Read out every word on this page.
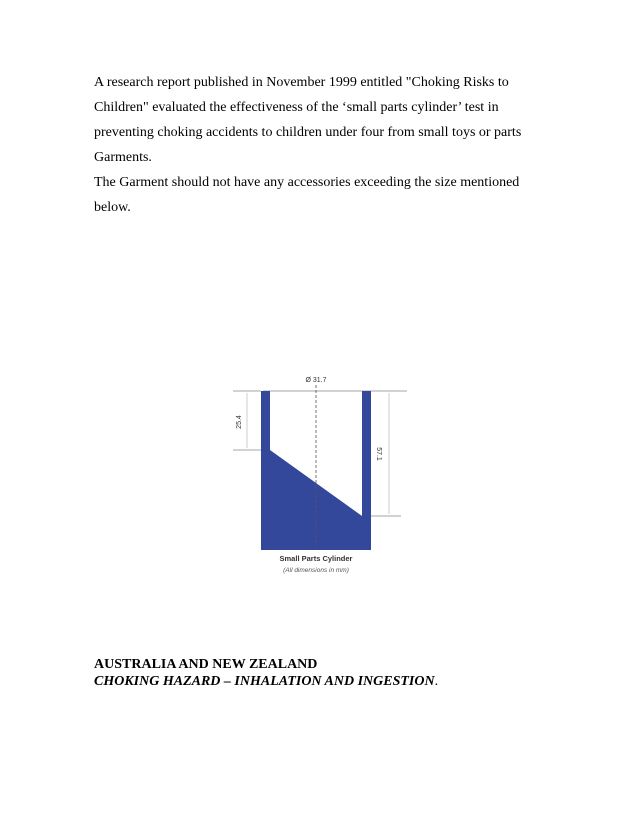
A research report published in November 1999 entitled "Choking Risks to
Children" evaluated the effectiveness of the ‘small parts cylinder’ test in
preventing choking accidents to children under four from small toys or parts
Garments.
The Garment should not have any accessories exceeding the size mentioned
below.

Ø 31.7
25.4
57.1
Small Parts Cylinder
(All dimensions in mm)
AUSTRALIA AND NEW ZEALAND
CHOKING HAZARD – INHALATION AND INGESTION.
